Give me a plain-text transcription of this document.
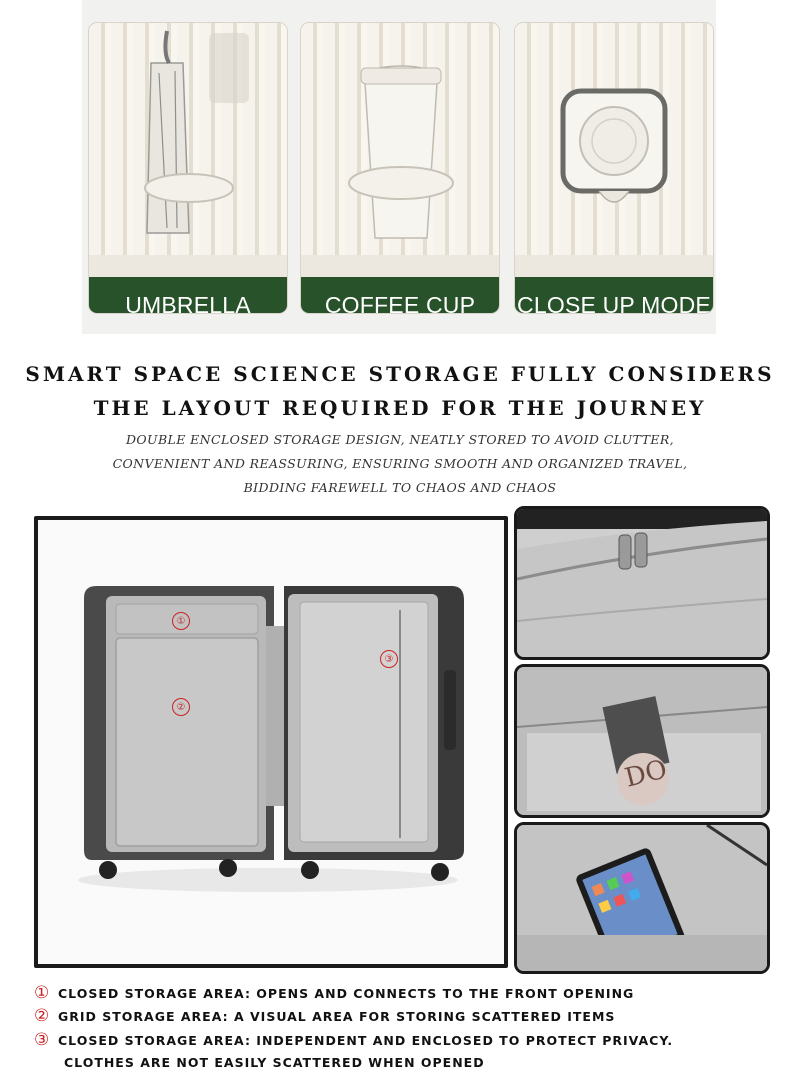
UMBRELLA	COFFEE CUP	CLOSE UP MODE
SMART SPACE SCIENCE STORAGE FULLY CONSIDERS
THE LAYOUT REQUIRED FOR THE JOURNEY
DOUBLE ENCLOSED STORAGE DESIGN, NEATLY STORED TO AVOID CLUTTER,
CONVENIENT AND REASSURING, ENSURING SMOOTH AND ORGANIZED TRAVEL,
BIDDING FAREWELL TO CHAOS AND CHAOS
①
②
③
DO
① CLOSED STORAGE AREA: OPENS AND CONNECTS TO THE FRONT OPENING
② GRID STORAGE AREA: A VISUAL AREA FOR STORING SCATTERED ITEMS
③ CLOSED STORAGE AREA: INDEPENDENT AND ENCLOSED TO PROTECT PRIVACY.
CLOTHES ARE NOT EASILY SCATTERED WHEN OPENED
